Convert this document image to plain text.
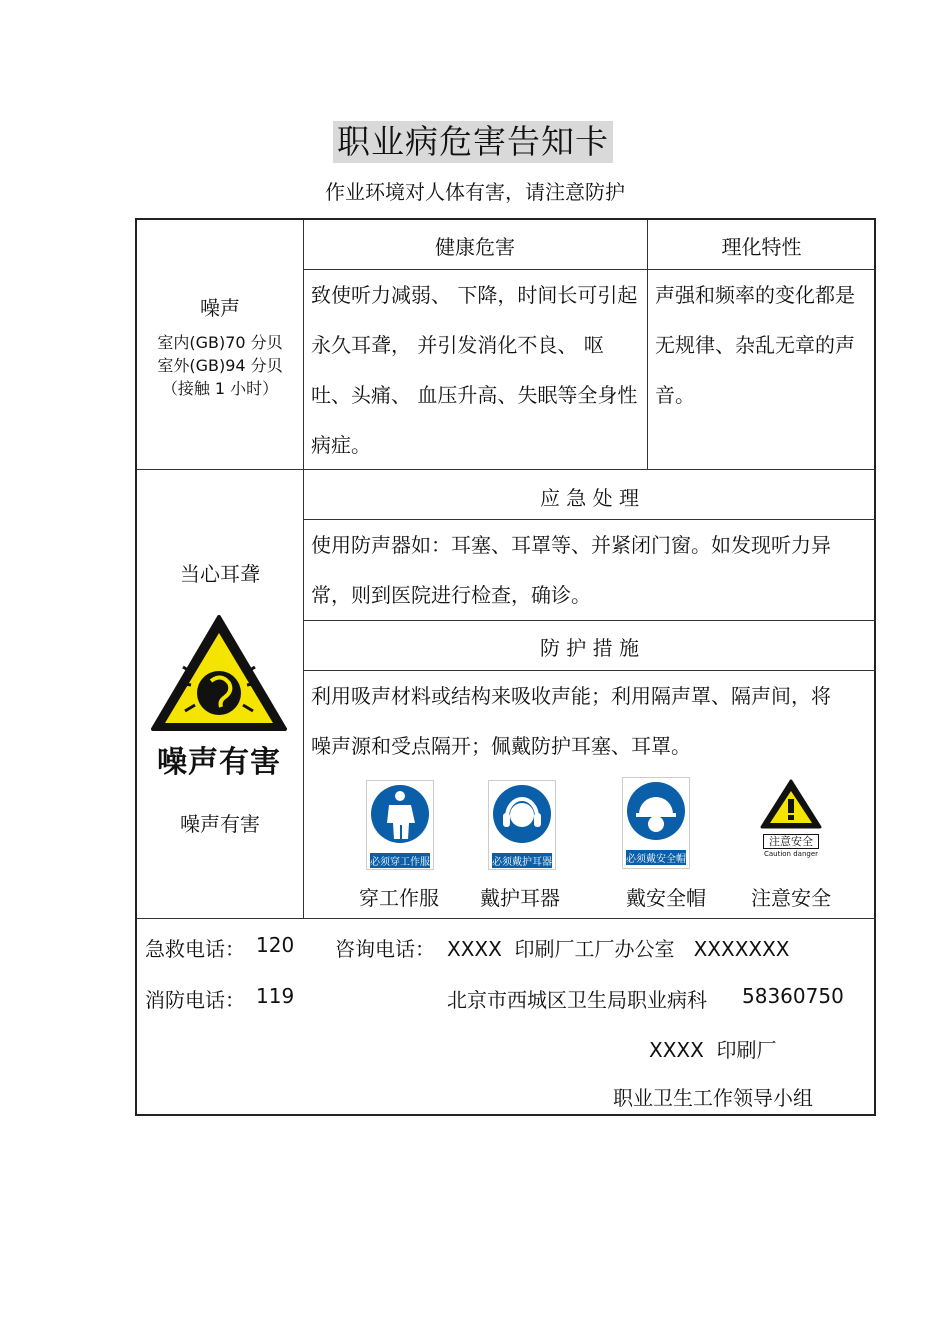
职业病危害告知卡
作业环境对人体有害，请注意防护
噪声
室内(GB)70 分贝
室外(GB)94 分贝
（接触 1 小时）
健康危害	理化特性
致使听力减弱、 下降，时间长可引起永久耳聋， 并引发消化不良、 呕吐、头痛、 血压升高、失眠等全身性病症。
声强和频率的变化都是无规律、杂乱无章的声音。
当心耳聋
噪声有害
噪声有害
应 急 处 理
使用防声器如：耳塞、耳罩等、并紧闭门窗。如发现听力异常，则到医院进行检查，确诊。
防 护 措 施
利用吸声材料或结构来吸收声能；利用隔声罩、隔声间，将噪声源和受点隔开；佩戴防护耳塞、耳罩。
必须穿工作服	必须戴护耳器	必须戴安全帽
注意安全
Caution danger
穿工作服	戴护耳器	戴安全帽	注意安全
急救电话： 120 咨询电话： XXXX  印刷厂工厂办公室   XXXXXXX
消防电话： 119	北京市西城区卫生局职业病科 58360750
XXXX  印刷厂
职业卫生工作领导小组
